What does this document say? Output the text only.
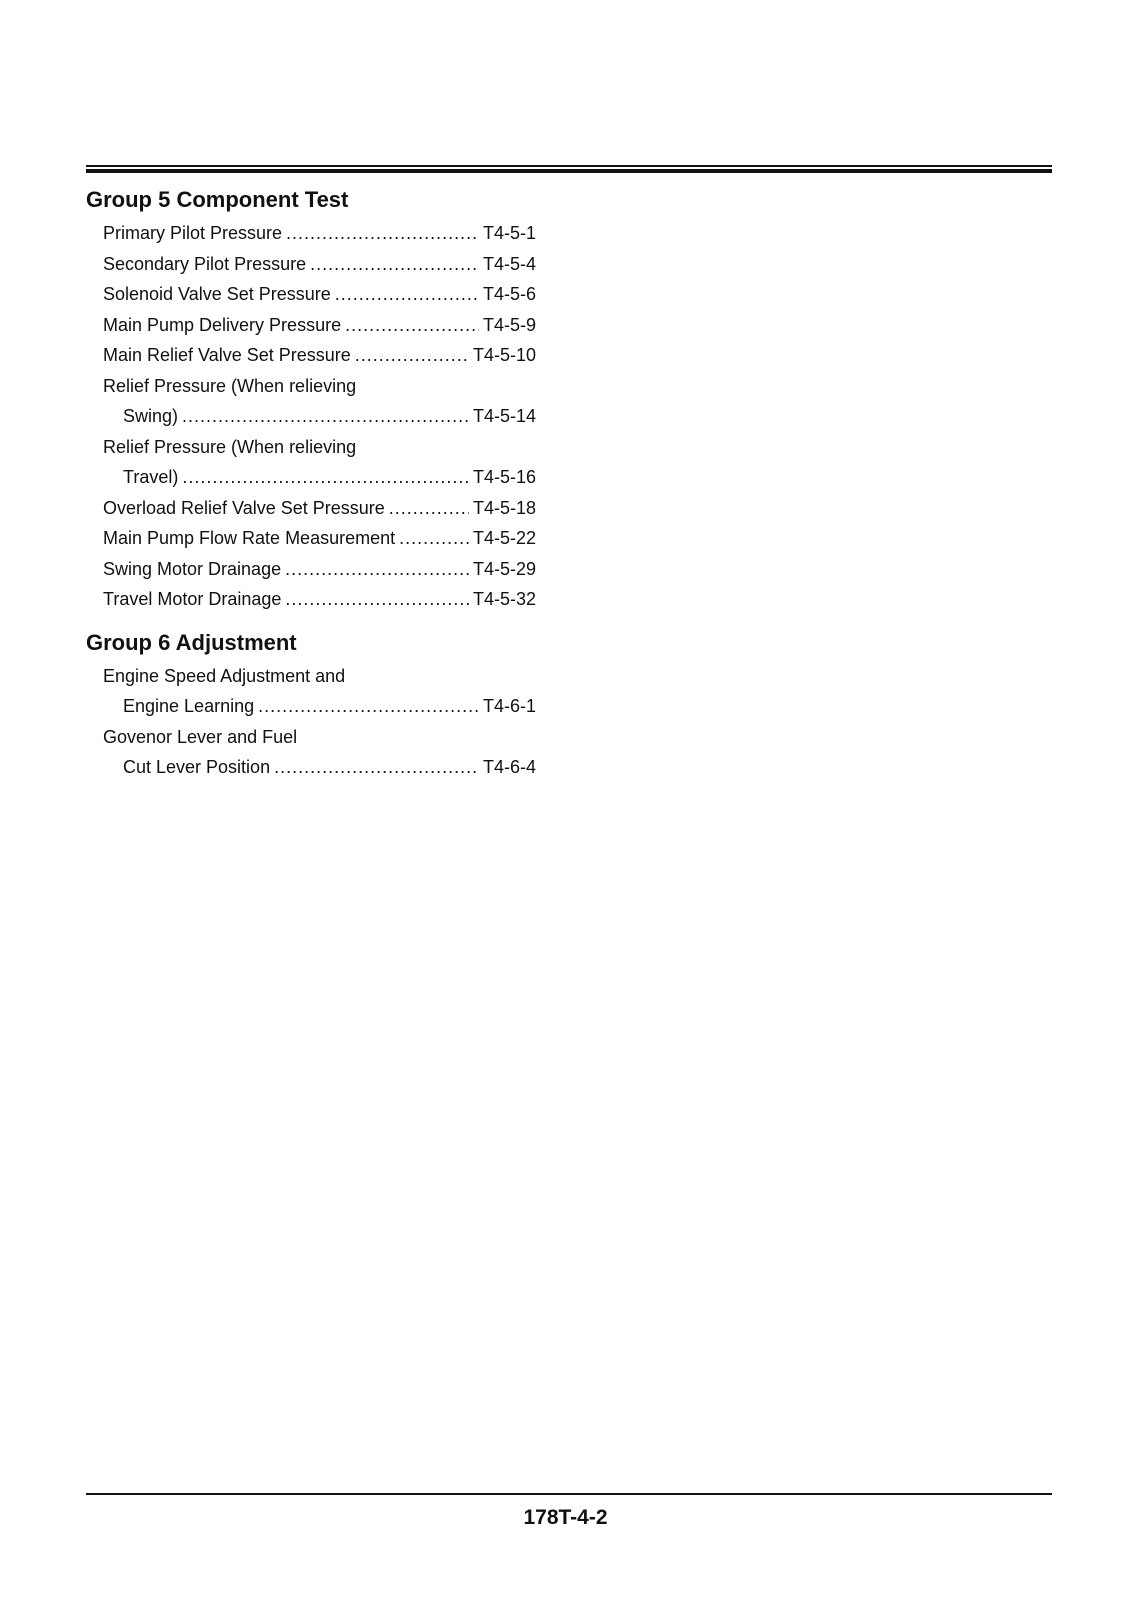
Group 5 Component Test
Primary Pilot Pressure .....	T4-5-1
Secondary Pilot Pressure .....	T4-5-4
Solenoid Valve Set Pressure .....	T4-5-6
Main Pump Delivery Pressure .....	T4-5-9
Main Relief Valve Set Pressure .....	T4-5-10
Relief Pressure (When relieving
Swing) .....	T4-5-14
Relief Pressure (When relieving
Travel) .....	T4-5-16
Overload Relief Valve Set Pressure .....	T4-5-18
Main Pump Flow Rate Measurement .....	T4-5-22
Swing Motor Drainage .....	T4-5-29
Travel Motor Drainage .....	T4-5-32
Group 6 Adjustment
Engine Speed Adjustment and
Engine Learning .....	T4-6-1
Govenor Lever and Fuel
Cut Lever Position .....	T4-6-4
178T-4-2
